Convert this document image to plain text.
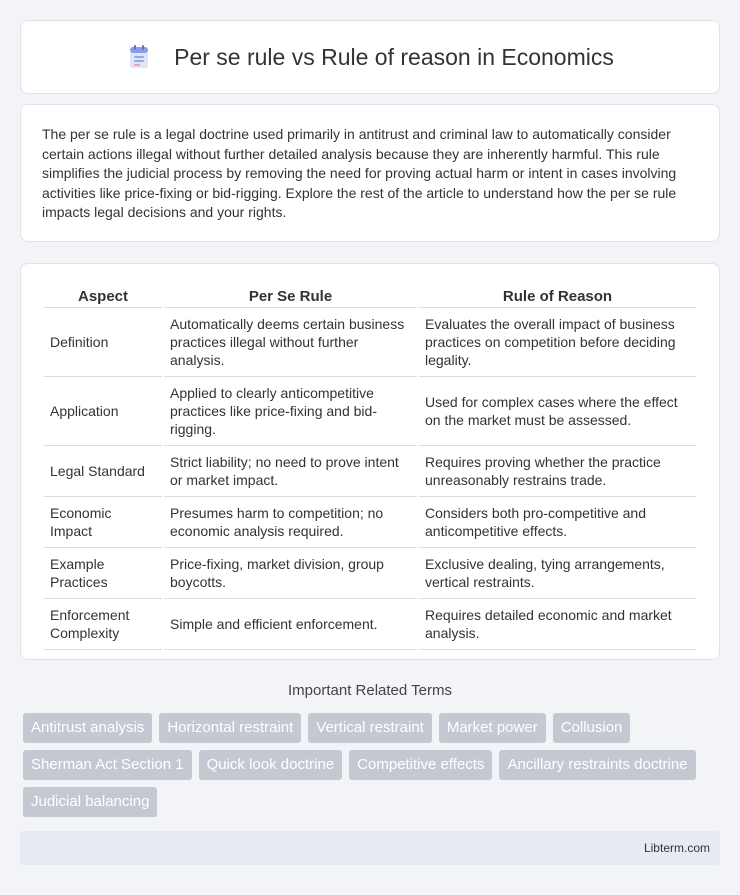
Per se rule vs Rule of reason in Economics

The per se rule is a legal doctrine used primarily in antitrust and criminal law to automatically consider certain actions illegal without further detailed analysis because they are inherently harmful. This rule simplifies the judicial process by removing the need for proving actual harm or intent in cases involving activities like price-fixing or bid-rigging. Explore the rest of the article to understand how the per se rule impacts legal decisions and your rights.

Aspect	Per Se Rule	Rule of Reason
Definition	Automatically deems certain business practices illegal without further analysis.	Evaluates the overall impact of business practices on competition before deciding legality.
Application	Applied to clearly anticompetitive practices like price-fixing and bid-rigging.	Used for complex cases where the effect on the market must be assessed.
Legal Standard	Strict liability; no need to prove intent or market impact.	Requires proving whether the practice unreasonably restrains trade.
Economic Impact	Presumes harm to competition; no economic analysis required.	Considers both pro-competitive and anticompetitive effects.
Example Practices	Price-fixing, market division, group boycotts.	Exclusive dealing, tying arrangements, vertical restraints.
Enforcement Complexity	Simple and efficient enforcement.	Requires detailed economic and market analysis.
Important Related Terms
Antitrust analysis	Horizontal restraint	Vertical restraint	Market power	Collusion
Sherman Act Section 1	Quick look doctrine	Competitive effects	Ancillary restraints doctrine
Judicial balancing
Libterm.com
